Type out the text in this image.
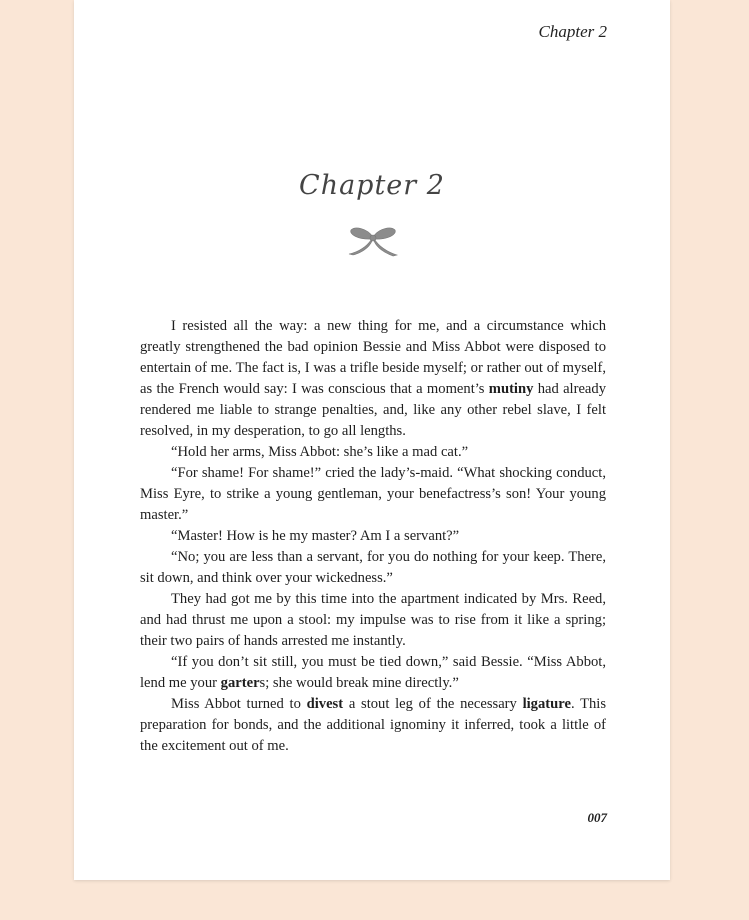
Chapter 2
Chapter 2

I resisted all the way: a new thing for me, and a circumstance which greatly strengthened the bad opinion Bessie and Miss Abbot were disposed to entertain of me. The fact is, I was a trifle beside myself; or rather out of myself, as the French would say: I was conscious that a moment’s mutiny had already rendered me liable to strange penalties, and, like any other rebel slave, I felt resolved, in my desperation, to go all lengths.

“Hold her arms, Miss Abbot: she’s like a mad cat.”

“For shame! For shame!” cried the lady’s-maid. “What shocking conduct, Miss Eyre, to strike a young gentleman, your benefactress’s son! Your young master.”

“Master! How is he my master? Am I a servant?”

“No; you are less than a servant, for you do nothing for your keep. There, sit down, and think over your wickedness.”

They had got me by this time into the apartment indicated by Mrs. Reed, and had thrust me upon a stool: my impulse was to rise from it like a spring; their two pairs of hands arrested me instantly.

“If you don’t sit still, you must be tied down,” said Bessie. “Miss Abbot, lend me your garters; she would break mine directly.”

Miss Abbot turned to divest a stout leg of the necessary ligature. This preparation for bonds, and the additional ignominy it inferred, took a little of the excitement out of me.

007
